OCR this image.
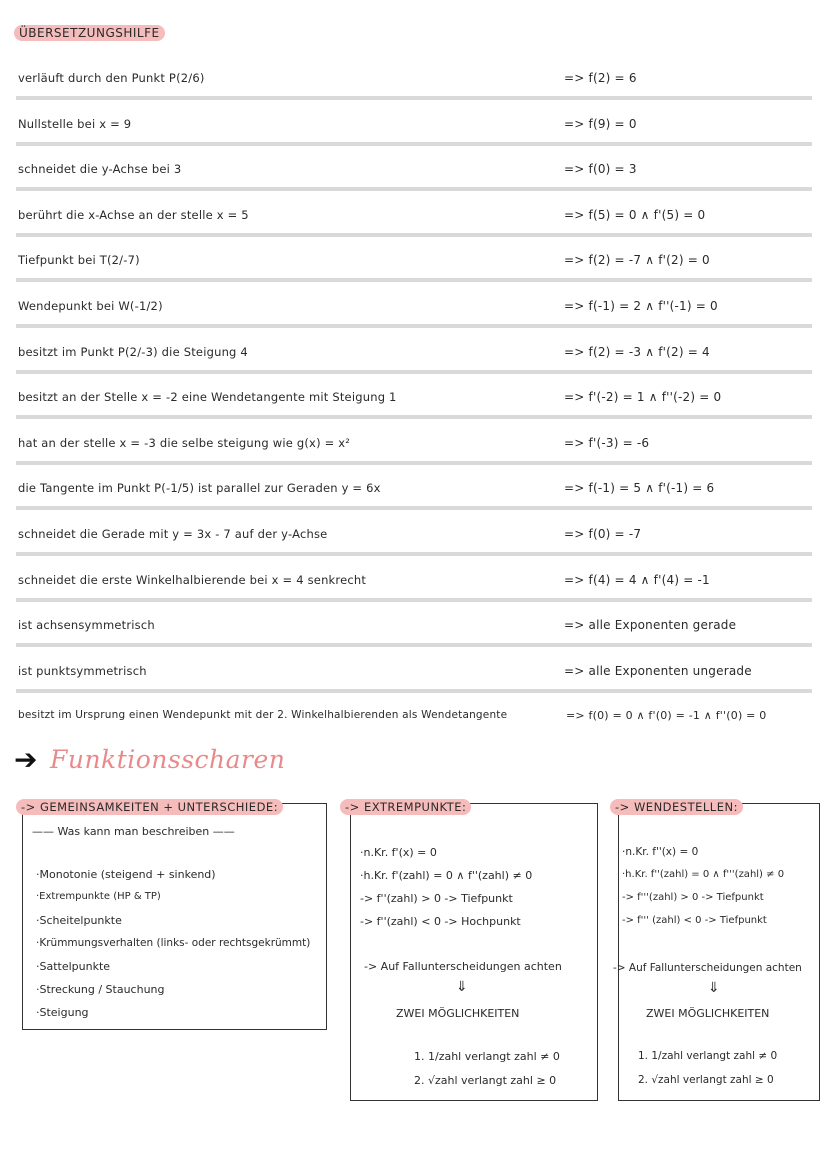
ÜBERSETZUNGSHILFE
verläuft durch den Punkt P(2/6)	=> f(2) = 6
Nullstelle bei x = 9	=> f(9) = 0
schneidet die y-Achse bei 3	=> f(0) = 3
berührt die x-Achse an der stelle x = 5	=> f(5) = 0 ∧ f'(5) = 0
Tiefpunkt bei T(2/-7)	=> f(2) = -7 ∧ f'(2) = 0
Wendepunkt bei W(-1/2)	=> f(-1) = 2 ∧ f''(-1) = 0
besitzt im Punkt P(2/-3) die Steigung 4	=> f(2) = -3 ∧ f'(2) = 4
besitzt an der Stelle x = -2 eine Wendetangente mit Steigung 1	=> f'(-2) = 1 ∧ f''(-2) = 0
hat an der stelle x = -3 die selbe steigung wie g(x) = x²	=> f'(-3) = -6
die Tangente im Punkt P(-1/5) ist parallel zur Geraden y = 6x	=> f(-1) = 5 ∧ f'(-1) = 6
schneidet die Gerade mit y = 3x - 7 auf der y-Achse	=> f(0) = -7
schneidet die erste Winkelhalbierende bei x = 4 senkrecht	=> f(4) = 4 ∧ f'(4) = -1
ist achsensymmetrisch	=> alle Exponenten gerade
ist punktsymmetrisch	=> alle Exponenten ungerade
besitzt im Ursprung einen Wendepunkt mit der 2. Winkelhalbierenden als Wendetangente	=> f(0) = 0 ∧ f'(0) = -1 ∧ f''(0) = 0
➔ Funktionsscharen
-> GEMEINSAMKEITEN + UNTERSCHIEDE:
—— Was kann man beschreiben ——
·Monotonie (steigend + sinkend)
·Extrempunkte (HP & TP)
·Scheitelpunkte
·Krümmungsverhalten (links- oder rechtsgekrümmt)
·Sattelpunkte
·Streckung / Stauchung
·Steigung
-> EXTREMPUNKTE:
·n.Kr. f'(x) = 0
·h.Kr. f'(zahl) = 0 ∧ f''(zahl) ≠ 0
-> f''(zahl) > 0 -> Tiefpunkt
-> f''(zahl) < 0 -> Hochpunkt
-> Auf Fallunterscheidungen achten
⇓
ZWEI MÖGLICHKEITEN
1. 1/zahl verlangt zahl ≠ 0
2. √zahl verlangt zahl ≥ 0
-> WENDESTELLEN:
·n.Kr. f''(x) = 0
·h.Kr. f''(zahl) = 0 ∧ f'''(zahl) ≠ 0
-> f'''(zahl) > 0 -> Tiefpunkt
-> f''' (zahl) < 0 -> Tiefpunkt
-> Auf Fallunterscheidungen achten
⇓
ZWEI MÖGLICHKEITEN
1. 1/zahl verlangt zahl ≠ 0
2. √zahl verlangt zahl ≥ 0
